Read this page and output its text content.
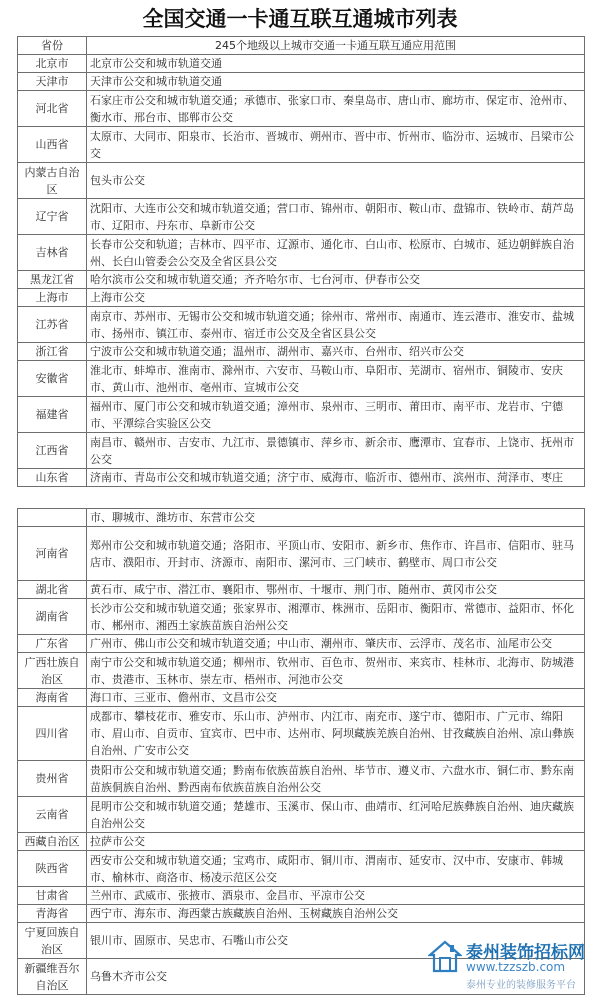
全国交通一卡通互联互通城市列表
省份	245个地级以上城市交通一卡通互联互通应用范围
北京市	北京市公交和城市轨道交通
天津市	天津市公交和城市轨道交通
河北省	石家庄市公交和城市轨道交通；承德市、张家口市、秦皇岛市、唐山市、廊坊市、保定市、沧州市、衡水市、邢台市、邯郸市公交
山西省	太原市、大同市、阳泉市、长治市、晋城市、朔州市、晋中市、忻州市、临汾市、运城市、吕梁市公交
内蒙古自治区	包头市公交
辽宁省	沈阳市、大连市公交和城市轨道交通；营口市、锦州市、朝阳市、鞍山市、盘锦市、铁岭市、葫芦岛市、辽阳市、丹东市、阜新市公交
吉林省	长春市公交和轨道；吉林市、四平市、辽源市、通化市、白山市、松原市、白城市、延边朝鲜族自治州、长白山管委会公交及全省区县公交
黑龙江省	哈尔滨市公交和城市轨道交通；齐齐哈尔市、七台河市、伊春市公交
上海市	上海市公交
江苏省	南京市、苏州市、无锡市公交和城市轨道交通；徐州市、常州市、南通市、连云港市、淮安市、盐城市、扬州市、镇江市、泰州市、宿迁市公交及全省区县公交
浙江省	宁波市公交和城市轨道交通；温州市、湖州市、嘉兴市、台州市、绍兴市公交
安徽省	淮北市、蚌埠市、淮南市、滁州市、六安市、马鞍山市、阜阳市、芜湖市、宿州市、铜陵市、安庆市、黄山市、池州市、亳州市、宣城市公交
福建省	福州市、厦门市公交和城市轨道交通；漳州市、泉州市、三明市、莆田市、南平市、龙岩市、宁德市、平潭综合实验区公交
江西省	南昌市、赣州市、吉安市、九江市、景德镇市、萍乡市、新余市、鹰潭市、宜春市、上饶市、抚州市公交
山东省	济南市、青岛市公交和城市轨道交通；济宁市、威海市、临沂市、德州市、滨州市、菏泽市、枣庄
	市、聊城市、潍坊市、东营市公交
河南省	郑州市公交和城市轨道交通；洛阳市、平顶山市、安阳市、新乡市、焦作市、许昌市、信阳市、驻马店市、濮阳市、开封市、济源市、南阳市、漯河市、三门峡市、鹤壁市、周口市公交
湖北省	黄石市、咸宁市、潜江市、襄阳市、鄂州市、十堰市、荆门市、随州市、黄冈市公交
湖南省	长沙市公交和城市轨道交通；张家界市、湘潭市、株洲市、岳阳市、衡阳市、常德市、益阳市、怀化市、郴州市、湘西土家族苗族自治州公交
广东省	广州市、佛山市公交和城市轨道交通；中山市、潮州市、肇庆市、云浮市、茂名市、汕尾市公交
广西壮族自治区	南宁市公交和城市轨道交通；柳州市、钦州市、百色市、贺州市、来宾市、桂林市、北海市、防城港市、贵港市、玉林市、崇左市、梧州市、河池市公交
海南省	海口市、三亚市、儋州市、文昌市公交
四川省	成都市、攀枝花市、雅安市、乐山市、泸州市、内江市、南充市、遂宁市、德阳市、广元市、绵阳市、眉山市、自贡市、宜宾市、巴中市、达州市、阿坝藏族羌族自治州、甘孜藏族自治州、凉山彝族自治州、广安市公交
贵州省	贵阳市公交和城市轨道交通；黔南布依族苗族自治州、毕节市、遵义市、六盘水市、铜仁市、黔东南苗族侗族自治州、黔西南布依族苗族自治州公交
云南省	昆明市公交和城市轨道交通；楚雄市、玉溪市、保山市、曲靖市、红河哈尼族彝族自治州、迪庆藏族自治州公交
西藏自治区	拉萨市公交
陕西省	西安市公交和城市轨道交通；宝鸡市、咸阳市、铜川市、渭南市、延安市、汉中市、安康市、韩城市、榆林市、商洛市、杨凌示范区公交
甘肃省	兰州市、武威市、张掖市、酒泉市、金昌市、平凉市公交
青海省	西宁市、海东市、海西蒙古族藏族自治州、玉树藏族自治州公交
宁夏回族自治区	银川市、固原市、吴忠市、石嘴山市公交
新疆维吾尔自治区	乌鲁木齐市公交
泰州装饰招标网
www.tzzszb.com
泰州专业的装修服务平台
